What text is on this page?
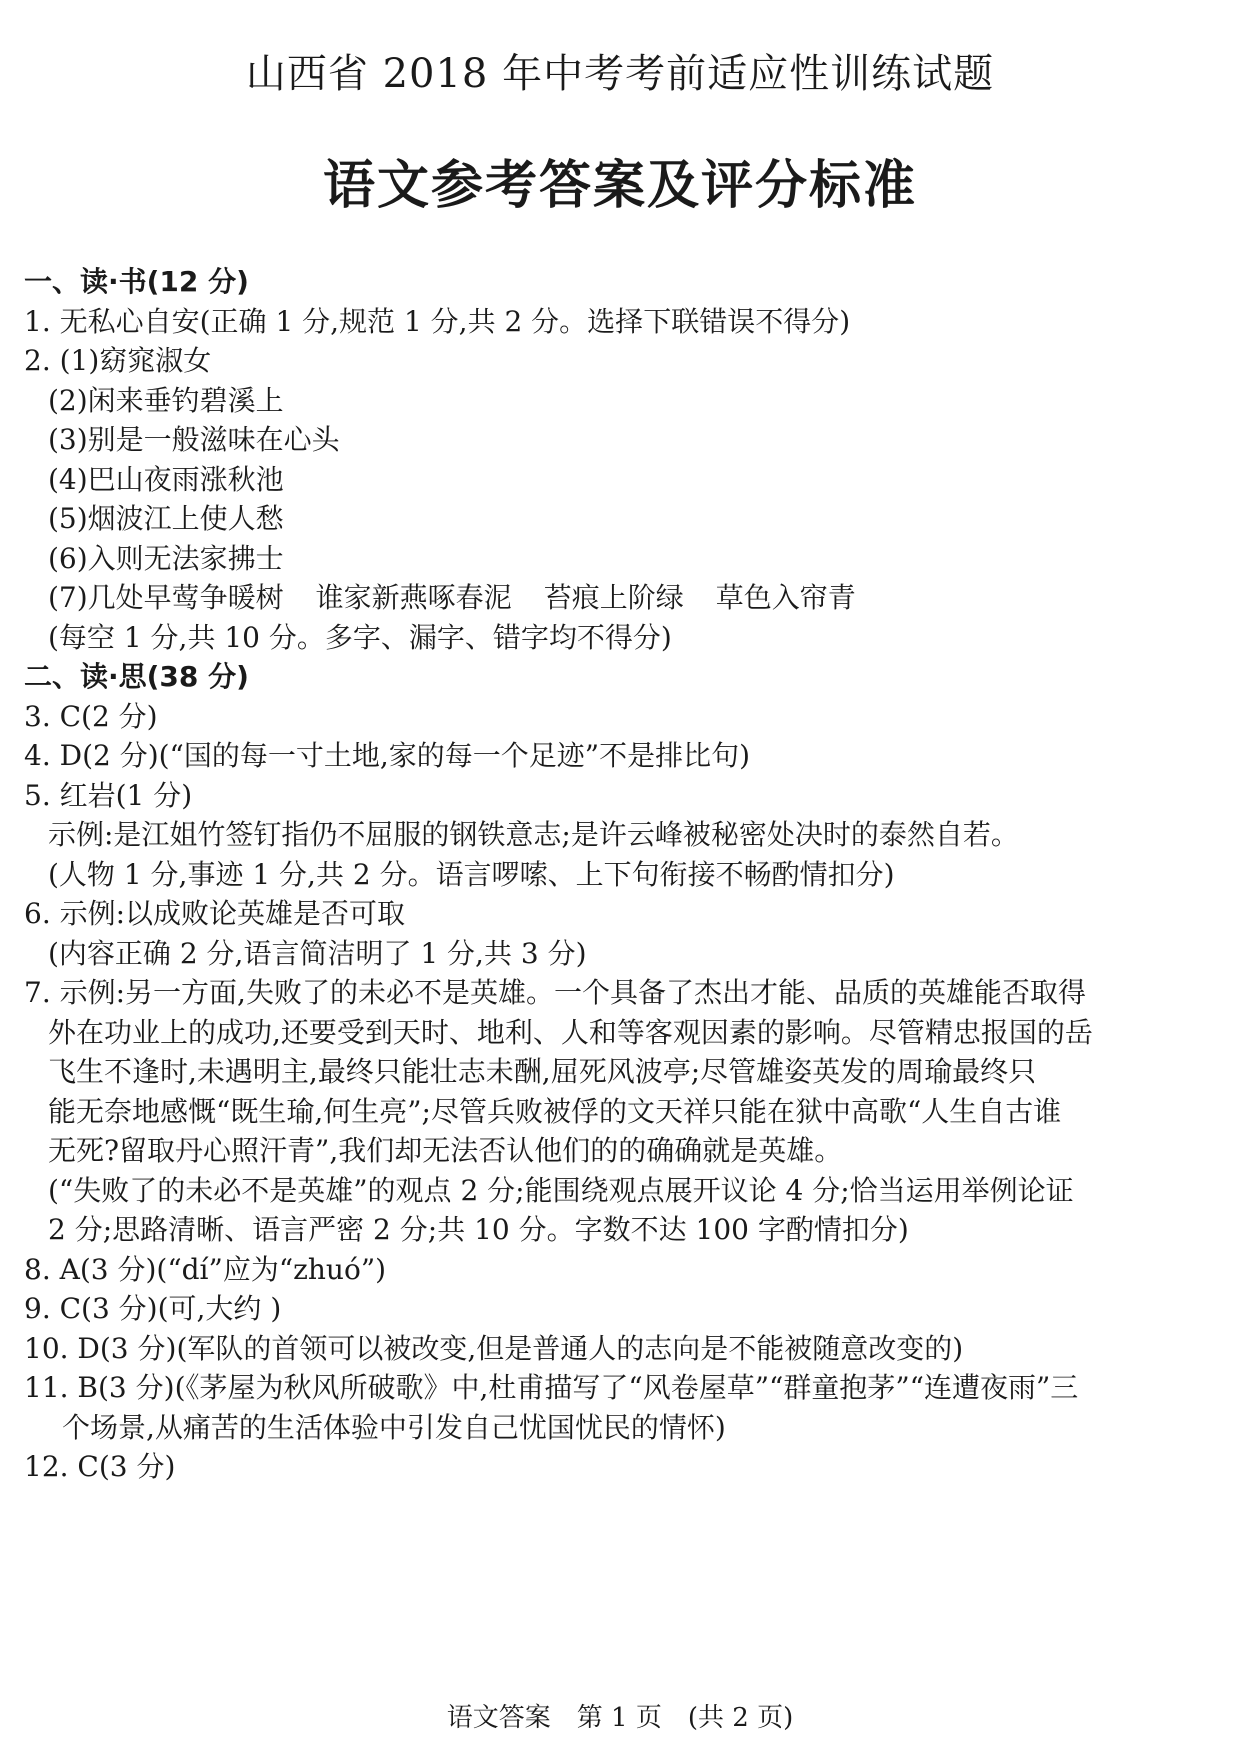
山西省 2018 年中考考前适应性训练试题
语文参考答案及评分标准
一、读·书(12 分)
1. 无私心自安(正确 1 分,规范 1 分,共 2 分。选择下联错误不得分)
2. (1)窈窕淑女
(2)闲来垂钓碧溪上
(3)别是一般滋味在心头
(4)巴山夜雨涨秋池
(5)烟波江上使人愁
(6)入则无法家拂士
(7)几处早莺争暖树 谁家新燕啄春泥 苔痕上阶绿 草色入帘青
(每空 1 分,共 10 分。多字、漏字、错字均不得分)
二、读·思(38 分)
3. C(2 分)
4. D(2 分)(“国的每一寸土地,家的每一个足迹”不是排比句)
5. 红岩(1 分)
示例:是江姐竹签钉指仍不屈服的钢铁意志;是许云峰被秘密处决时的泰然自若。
(人物 1 分,事迹 1 分,共 2 分。语言啰嗦、上下句衔接不畅酌情扣分)
6. 示例:以成败论英雄是否可取
(内容正确 2 分,语言简洁明了 1 分,共 3 分)
7. 示例:另一方面,失败了的未必不是英雄。一个具备了杰出才能、品质的英雄能否取得
外在功业上的成功,还要受到天时、地利、人和等客观因素的影响。尽管精忠报国的岳
飞生不逢时,未遇明主,最终只能壮志未酬,屈死风波亭;尽管雄姿英发的周瑜最终只
能无奈地感慨“既生瑜,何生亮”;尽管兵败被俘的文天祥只能在狱中高歌“人生自古谁
无死?留取丹心照汗青”,我们却无法否认他们的的确确就是英雄。
(“失败了的未必不是英雄”的观点 2 分;能围绕观点展开议论 4 分;恰当运用举例论证
2 分;思路清晰、语言严密 2 分;共 10 分。字数不达 100 字酌情扣分)
8. A(3 分)(“dí”应为“zhuó”)
9. C(3 分)(可,大约 )
10. D(3 分)(军队的首领可以被改变,但是普通人的志向是不能被随意改变的)
11. B(3 分)(《茅屋为秋风所破歌》中,杜甫描写了“风卷屋草”“群童抱茅”“连遭夜雨”三
个场景,从痛苦的生活体验中引发自己忧国忧民的情怀)
12. C(3 分)
语文答案　第 1 页　(共 2 页)
